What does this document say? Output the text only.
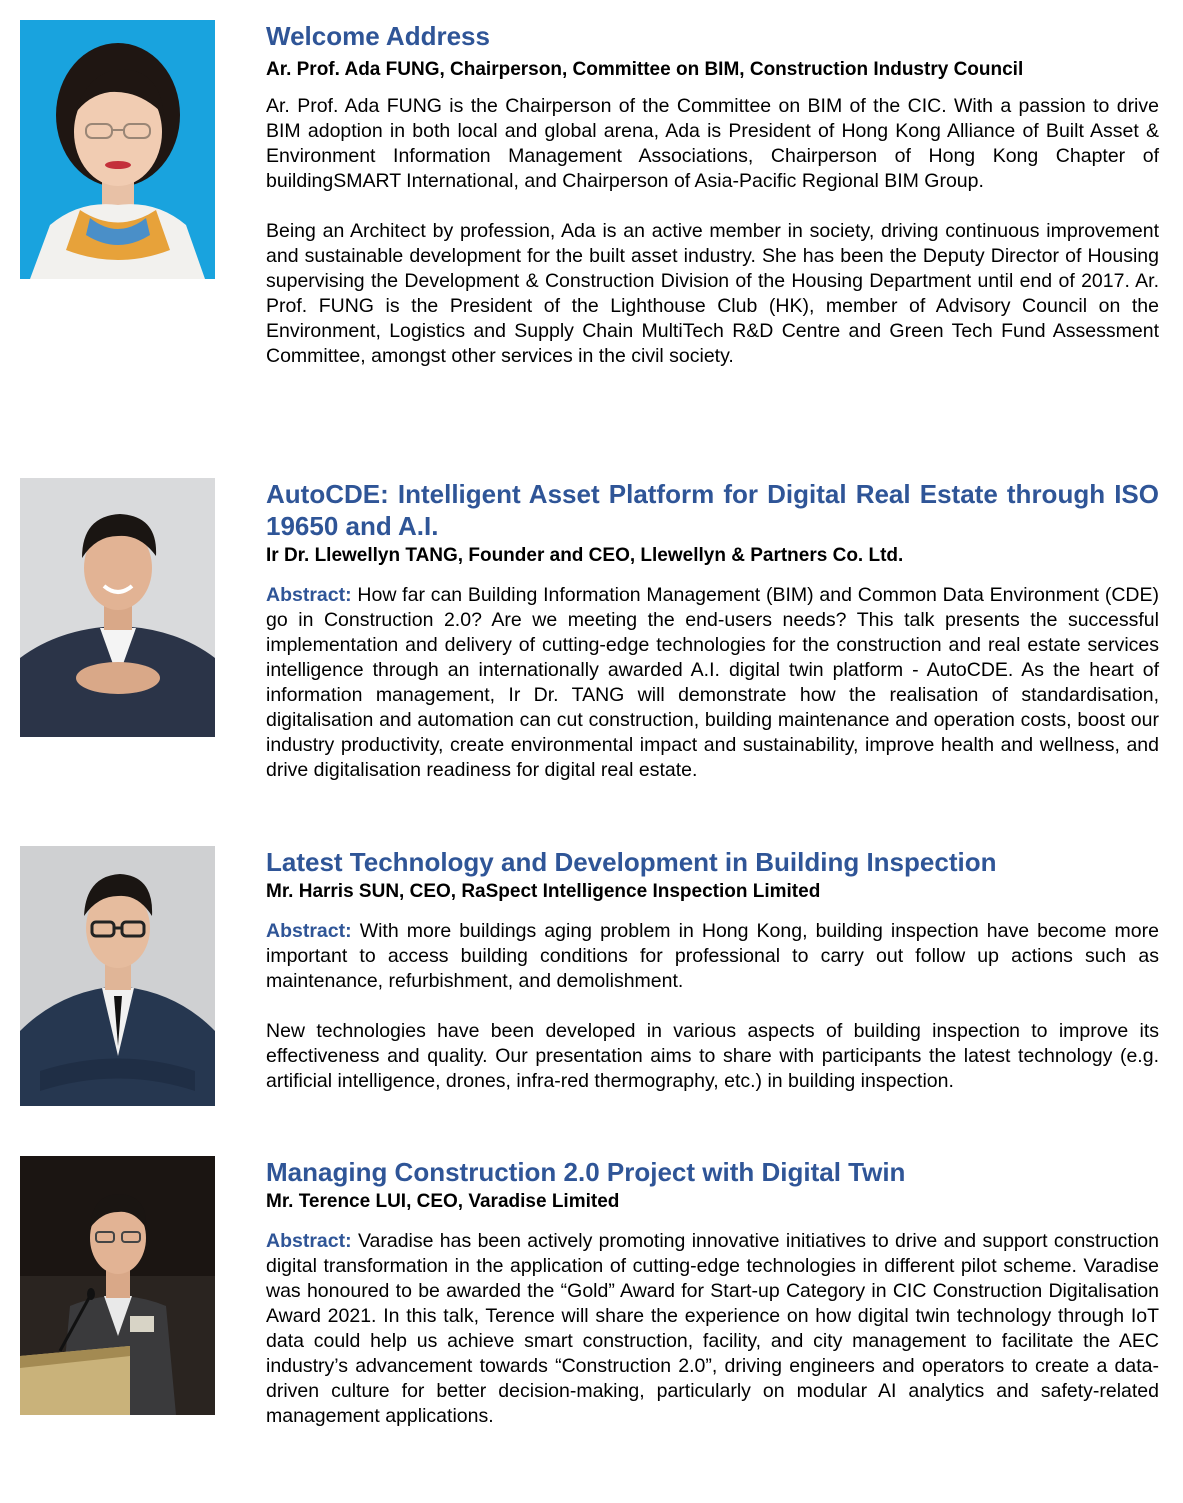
Welcome Address

Ar. Prof. Ada FUNG, Chairperson, Committee on BIM, Construction Industry Council

Ar. Prof. Ada FUNG is the Chairperson of the Committee on BIM of the CIC. With a passion to drive BIM adoption in both local and global arena, Ada is President of Hong Kong Alliance of Built Asset & Environment Information Management Associations, Chairperson of Hong Kong Chapter of buildingSMART International, and Chairperson of Asia-Pacific Regional BIM Group.

Being an Architect by profession, Ada is an active member in society, driving continuous improvement and sustainable development for the built asset industry. She has been the Deputy Director of Housing supervising the Development & Construction Division of the Housing Department until end of 2017. Ar. Prof. FUNG is the President of the Lighthouse Club (HK), member of Advisory Council on the Environment, Logistics and Supply Chain MultiTech R&D Centre and Green Tech Fund Assessment Committee, amongst other services in the civil society.

AutoCDE: Intelligent Asset Platform for Digital Real Estate through ISO 19650 and A.I.

Ir Dr. Llewellyn TANG, Founder and CEO, Llewellyn & Partners Co. Ltd.

Abstract: How far can Building Information Management (BIM) and Common Data Environment (CDE) go in Construction 2.0? Are we meeting the end-users needs? This talk presents the successful implementation and delivery of cutting-edge technologies for the construction and real estate services intelligence through an internationally awarded A.I. digital twin platform - AutoCDE. As the heart of information management, Ir Dr. TANG will demonstrate how the realisation of standardisation, digitalisation and automation can cut construction, building maintenance and operation costs, boost our industry productivity, create environmental impact and sustainability, improve health and wellness, and drive digitalisation readiness for digital real estate.

Latest Technology and Development in Building Inspection

Mr. Harris SUN, CEO, RaSpect Intelligence Inspection Limited

Abstract: With more buildings aging problem in Hong Kong, building inspection have become more important to access building conditions for professional to carry out follow up actions such as maintenance, refurbishment, and demolishment.

New technologies have been developed in various aspects of building inspection to improve its effectiveness and quality. Our presentation aims to share with participants the latest technology (e.g. artificial intelligence, drones, infra-red thermography, etc.) in building inspection.

Managing Construction 2.0 Project with Digital Twin

Mr. Terence LUI, CEO, Varadise Limited

Abstract: Varadise has been actively promoting innovative initiatives to drive and support construction digital transformation in the application of cutting-edge technologies in different pilot scheme. Varadise was honoured to be awarded the “Gold” Award for Start-up Category in CIC Construction Digitalisation Award 2021. In this talk, Terence will share the experience on how digital twin technology through IoT data could help us achieve smart construction, facility, and city management to facilitate the AEC industry’s advancement towards “Construction 2.0”, driving engineers and operators to create a data-driven culture for better decision-making, particularly on modular AI analytics and safety-related management applications.
